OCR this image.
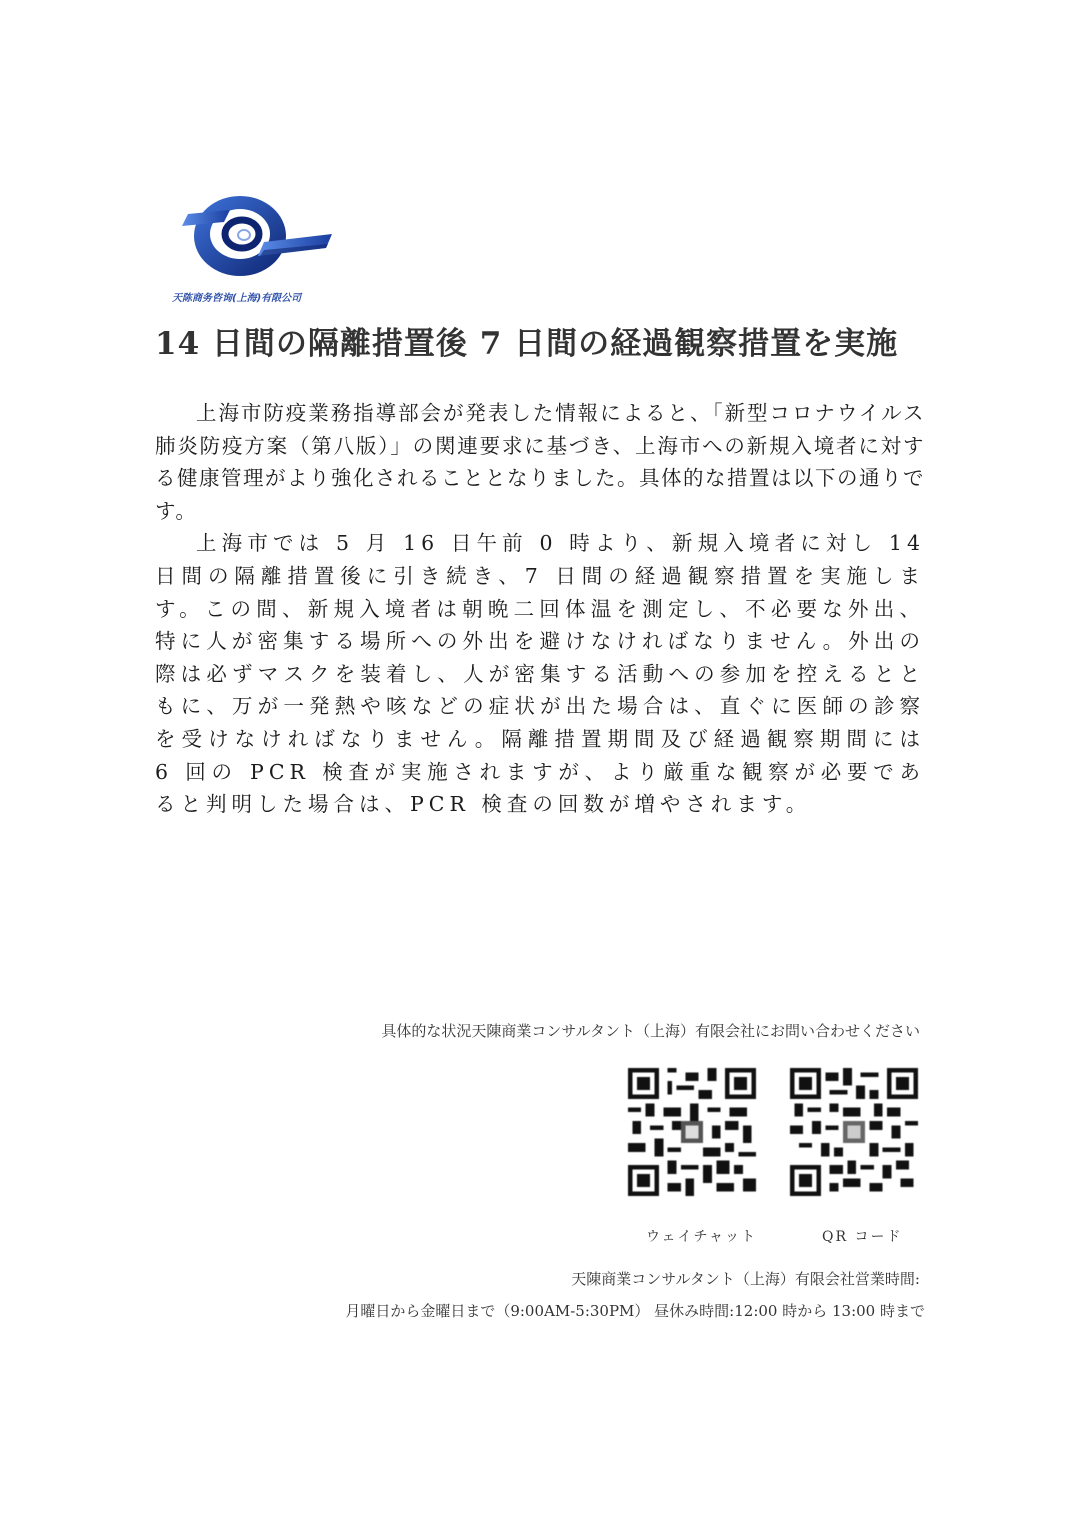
天陈商务咨询(上海)有限公司
14 日間の隔離措置後 7 日間の経過観察措置を実施

上海市防疫業務指導部会が発表した情報によると、「新型コロナウイルス肺炎防疫方案（第八版）」の関連要求に基づき、上海市への新規入境者に対する健康管理がより強化されることとなりました。具体的な措置は以下の通りです。

上海市では 5 月 16 日午前 0 時より、新規入境者に対し 14 日間の隔離措置後に引き続き、7 日間の経過観察措置を実施します。この間、新規入境者は朝晩二回体温を測定し、不必要な外出、特に人が密集する場所への外出を避けなければなりません。外出の際は必ずマスクを装着し、人が密集する活動への参加を控えるとともに、万が一発熱や咳などの症状が出た場合は、直ぐに医師の診察を受けなければなりません。隔離措置期間及び経過観察期間には 6 回の PCR 検査が実施されますが、より厳重な観察が必要であると判明した場合は、PCR 検査の回数が増やされます。

具体的な状況天陳商業コンサルタント（上海）有限会社にお問い合わせください
ウェイチャット	QR コード
天陳商業コンサルタント（上海）有限会社営業時間:
月曜日から金曜日まで（9:00AM-5:30PM） 昼休み時間:12:00 時から 13:00 時まで
